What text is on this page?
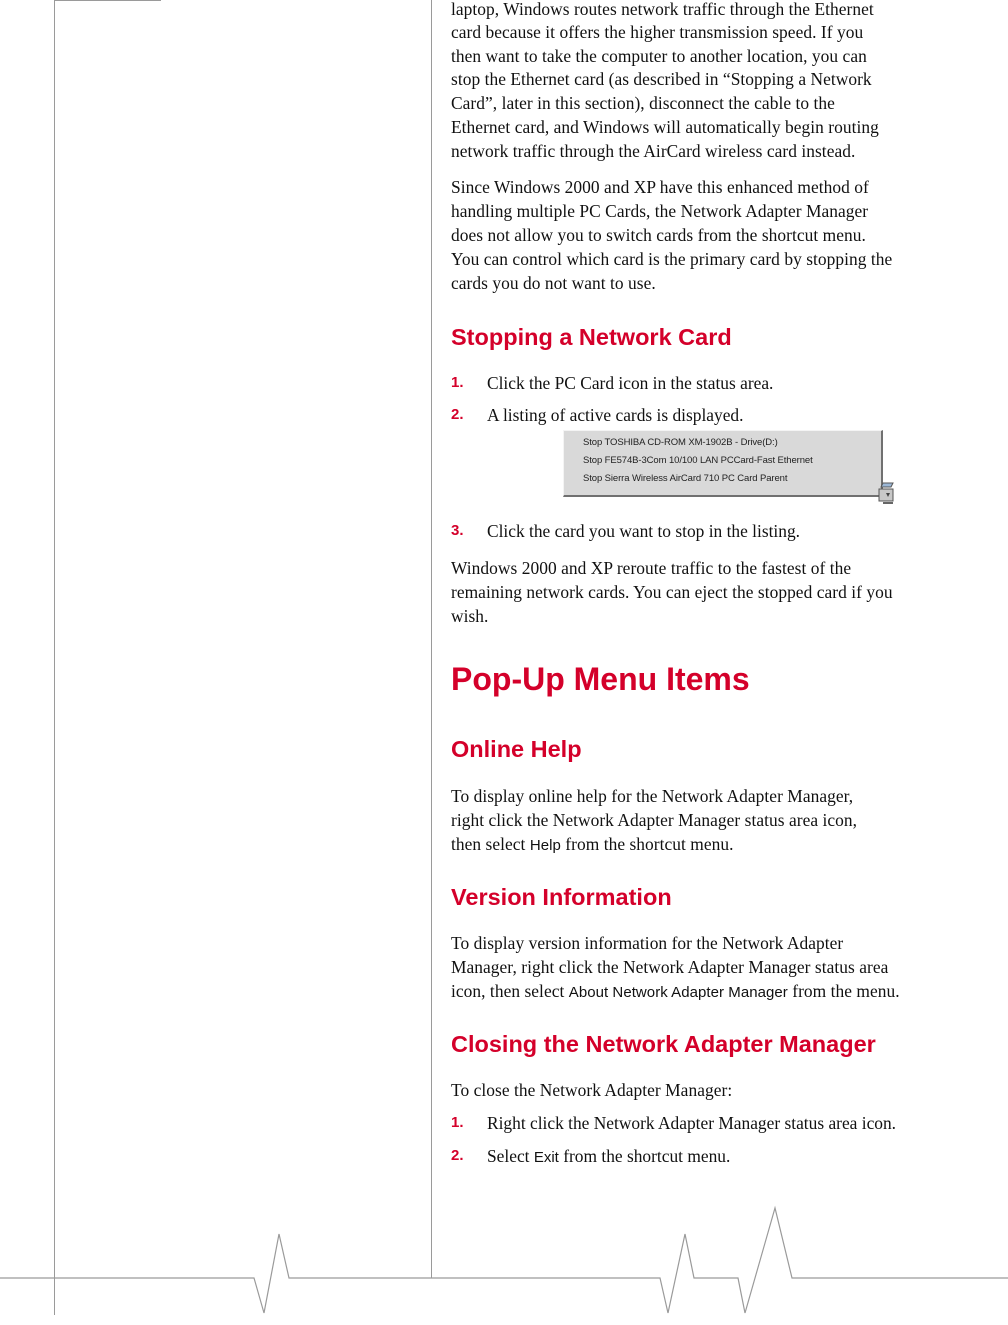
laptop, Windows routes network traffic through the Ethernet

card because it offers the higher transmission speed. If you

then want to take the computer to another location, you can

stop the Ethernet card (as described in “Stopping a Network

Card”, later in this section), disconnect the cable to the

Ethernet card, and Windows will automatically begin routing

network traffic through the AirCard wireless card instead.

Since Windows 2000 and XP have this enhanced method of

handling multiple PC Cards, the Network Adapter Manager

does not allow you to switch cards from the shortcut menu.

You can control which card is the primary card by stopping the

cards you do not want to use.

Stopping a Network Card
1. Click the PC Card icon in the status area.
2. A listing of active cards is displayed.
Stop TOSHIBA CD-ROM XM-1902B - Drive(D:)
Stop FE574B-3Com 10/100 LAN PCCard-Fast Ethernet
Stop Sierra Wireless AirCard 710 PC Card Parent
3. Click the card you want to stop in the listing.

Windows 2000 and XP reroute traffic to the fastest of the

remaining network cards. You can eject the stopped card if you

wish.

Pop-Up Menu Items
Online Help

To display online help for the Network Adapter Manager,

right click the Network Adapter Manager status area icon,

then select Help from the shortcut menu.

Version Information

To display version information for the Network Adapter

Manager, right click the Network Adapter Manager status area

icon, then select About Network Adapter Manager from the menu.

Closing the Network Adapter Manager

To close the Network Adapter Manager:

1. Right click the Network Adapter Manager status area icon.
2. Select Exit from the shortcut menu.
